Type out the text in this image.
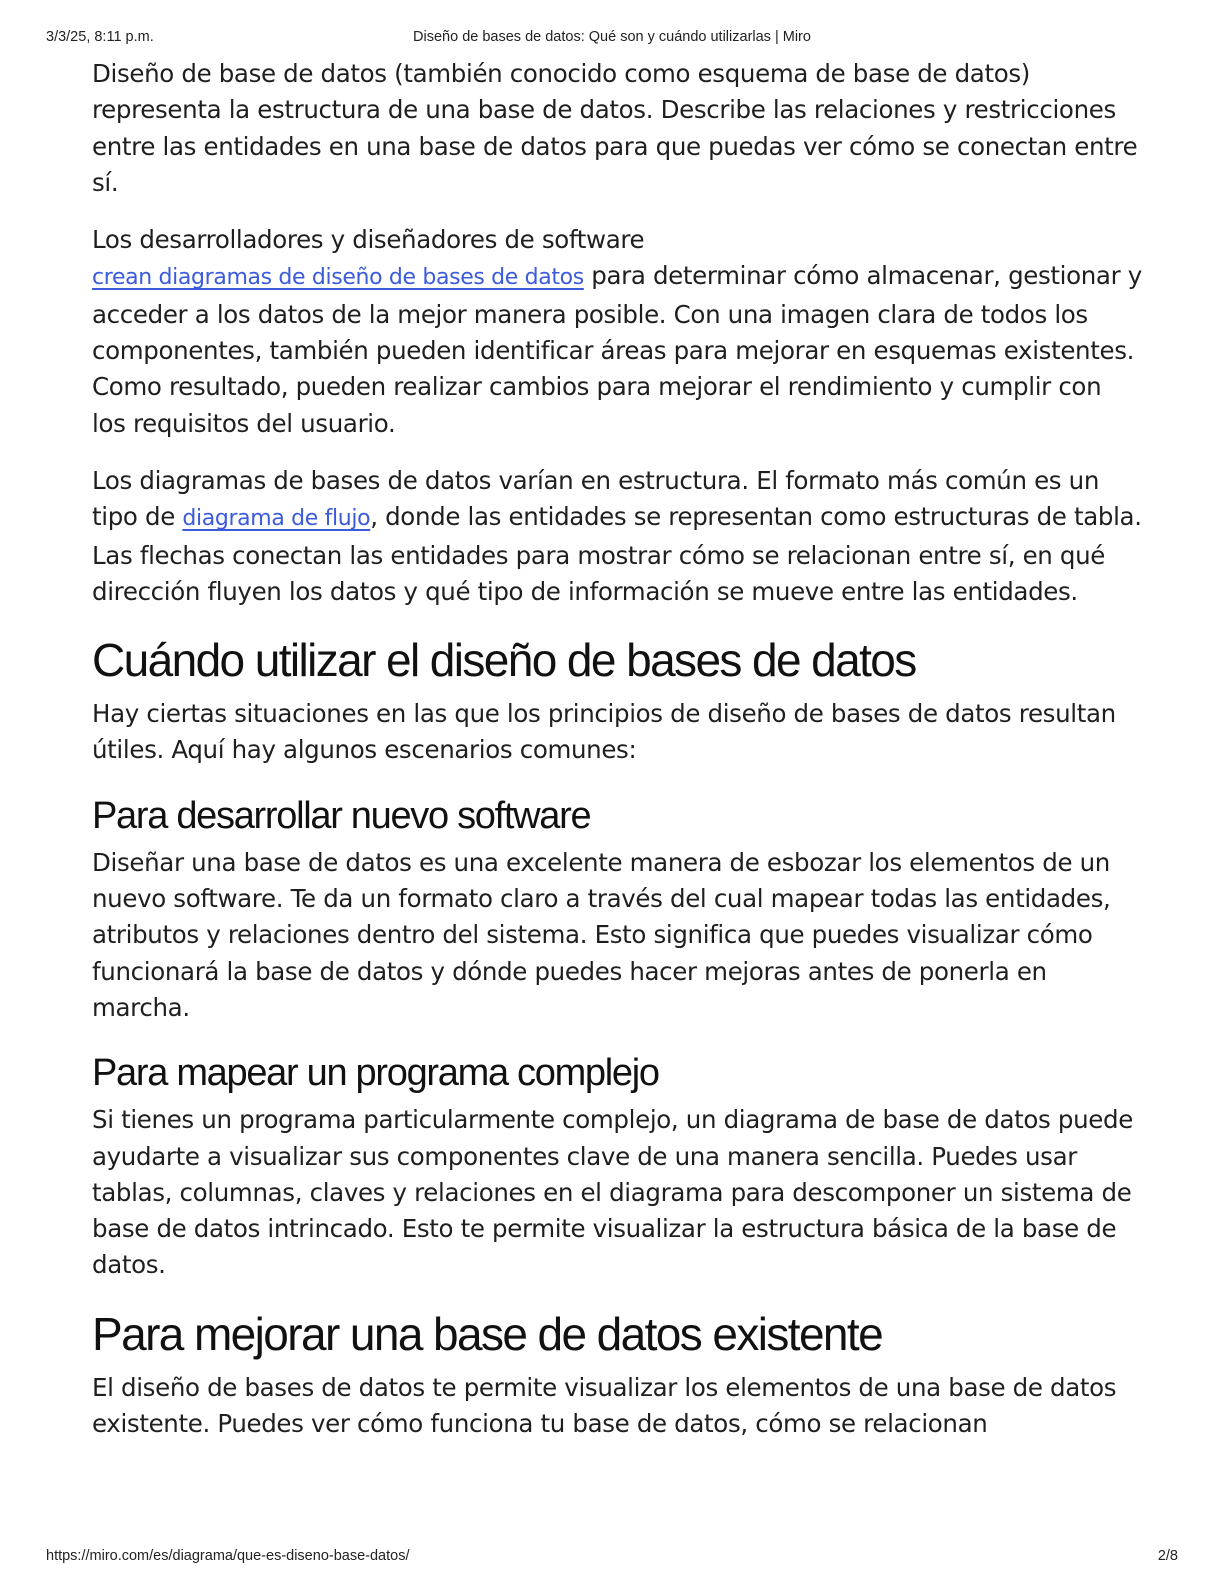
3/3/25, 8:11 p.m.	Diseño de bases de datos: Qué son y cuándo utilizarlas | Miro

Diseño de base de datos (también conocido como esquema de base de datos) representa la estructura de una base de datos. Describe las relaciones y restricciones entre las entidades en una base de datos para que puedas ver cómo se conectan entre sí.

Los desarrolladores y diseñadores de software
crean diagramas de diseño de bases de datos para determinar cómo almacenar, gestionar y acceder a los datos de la mejor manera posible. Con una imagen clara de todos los componentes, también pueden identificar áreas para mejorar en esquemas existentes. Como resultado, pueden realizar cambios para mejorar el rendimiento y cumplir con los requisitos del usuario.

Los diagramas de bases de datos varían en estructura. El formato más común es un tipo de diagrama de flujo, donde las entidades se representan como estructuras de tabla. Las flechas conectan las entidades para mostrar cómo se relacionan entre sí, en qué dirección fluyen los datos y qué tipo de información se mueve entre las entidades.

Cuándo utilizar el diseño de bases de datos

Hay ciertas situaciones en las que los principios de diseño de bases de datos resultan útiles. Aquí hay algunos escenarios comunes:

Para desarrollar nuevo software

Diseñar una base de datos es una excelente manera de esbozar los elementos de un nuevo software. Te da un formato claro a través del cual mapear todas las entidades, atributos y relaciones dentro del sistema. Esto significa que puedes visualizar cómo funcionará la base de datos y dónde puedes hacer mejoras antes de ponerla en marcha.

Para mapear un programa complejo

Si tienes un programa particularmente complejo, un diagrama de base de datos puede ayudarte a visualizar sus componentes clave de una manera sencilla. Puedes usar tablas, columnas, claves y relaciones en el diagrama para descomponer un sistema de base de datos intrincado. Esto te permite visualizar la estructura básica de la base de datos.

Para mejorar una base de datos existente

El diseño de bases de datos te permite visualizar los elementos de una base de datos existente. Puedes ver cómo funciona tu base de datos, cómo se relacionan

https://miro.com/es/diagrama/que-es-diseno-base-datos/	2/8
